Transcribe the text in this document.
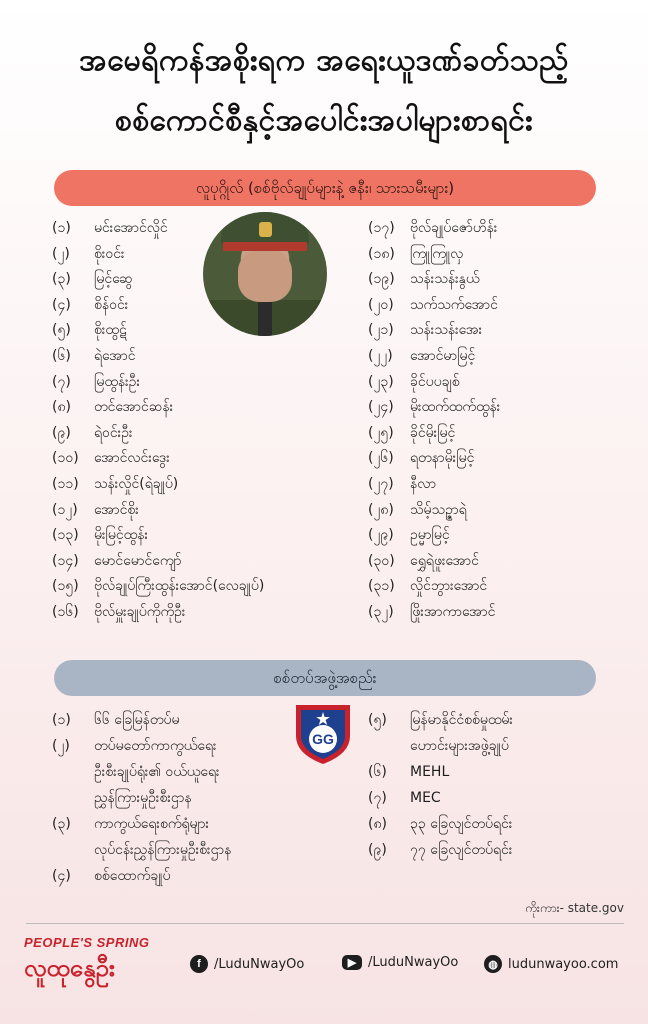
အမေရိကန်အစိုးရက အရေးယူဒဏ်ခတ်သည့်
စစ်ကောင်စီနှင့်အပေါင်းအပါများစာရင်း
လူပုဂ္ဂိုလ် (စစ်ဗိုလ်ချုပ်များနဲ့ ဇနီး၊ သားသမီးများ)
(၁) မင်းအောင်လှိုင်
(၂) စိုးဝင်း
(၃) မြင့်ဆွေ
(၄) စိန်ဝင်း
(၅) စိုးထွဋ်
(၆) ရဲအောင်
(၇) မြထွန်းဦး
(၈) တင်အောင်ဆန်း
(၉) ရဲဝင်းဦး
(၁၀) အောင်လင်းဒွေး
(၁၁) သန်းလှိုင်(ရဲချုပ်)
(၁၂) အောင်စိုး
(၁၃) မိုးမြင့်ထွန်း
(၁၄) မောင်မောင်ကျော်
(၁၅) ဗိုလ်ချုပ်ကြီးထွန်းအောင်(လေချုပ်)
(၁၆) ဗိုလ်မှူးချုပ်ကိုကိုဦး
(၁၇) ဗိုလ်ချုပ်ဇော်ဟိန်း
(၁၈) ကြူကြူလှ
(၁၉) သန်းသန်းနွယ်
(၂၀) သက်သက်အောင်
(၂၁) သန်းသန်းအေး
(၂၂) အောင်မာမြင့်
(၂၃) ခိုင်ပပချစ်
(၂၄) မိုးထက်ထက်ထွန်း
(၂၅) ခိုင်မိုးမြင့်
(၂၆) ရတနာမိုးမြင့်
(၂၇) နီလာ
(၂၈) သိမ့်သဥ္ဇာရဲ
(၂၉) ဥမ္မာမြင့်
(၃၀) ရွှေရဲဖူးအောင်
(၃၁) လှိုင်ဘွားအောင်
(၃၂) ဖြိုးအာကာအောင်
စစ်တပ်အဖွဲ့အစည်း
GG
(၁) ၆၆ ခြေမြန်တပ်မ
(၂) တပ်မတော်ကာကွယ်ရေး
ဦးစီးချုပ်ရုံး၏ ဝယ်ယူရေး
ညွှန်ကြားမှုဦးစီးဌာန
(၃) ကာကွယ်ရေးစက်ရုံများ
လုပ်ငန်းညွှန်ကြားမှုဦးစီးဌာန
(၄) စစ်ထောက်ချုပ်
(၅) မြန်မာနိုင်ငံစစ်မှုထမ်း
ဟောင်းများအဖွဲ့ချုပ်
(၆) MEHL
(၇) MEC
(၈) ၃၃ ခြေလျင်တပ်ရင်း
(၉) ၇၇ ခြေလျင်တပ်ရင်း
ကိုးကား- state.gov
PEOPLE'S SPRING
လူထုနွေဦး	f	/LuduNwayOo	▶ /LuduNwayOo	◍ ludunwayoo.com
